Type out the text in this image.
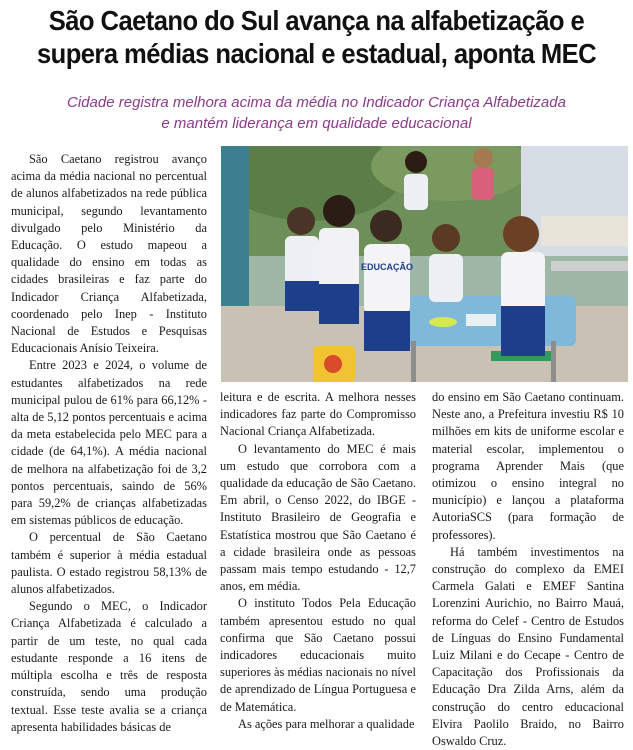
São Caetano do Sul avança na alfabetização e
supera médias nacional e estadual, aponta MEC
Cidade registra melhora acima da média no Indicador Criança Alfabetizada
e mantém liderança em qualidade educacional

São Caetano registrou avanço acima da média nacional no percentual de alunos alfabetizados na rede pública municipal, segundo levantamento divulgado pelo Ministério da Educação. O estudo mapeou a qualidade do ensino em todas as cidades brasileiras e faz parte do Indicador Criança Alfabetizada, coordenado pelo Inep - Instituto Nacional de Estudos e Pesquisas Educacionais Anísio Teixeira.

Entre 2023 e 2024, o volume de estudantes alfabetizados na rede municipal pulou de 61% para 66,12% - alta de 5,12 pontos percentuais e acima da meta estabelecida pelo MEC para a cidade (de 64,1%). A média nacional de melhora na alfabetização foi de 3,2 pontos percentuais, saindo de 56% para 59,2% de crianças alfabetizadas em sistemas públicos de educação.

O percentual de São Caetano também é superior à média estadual paulista. O estado registrou 58,13% de alunos alfabetizados.

Segundo o MEC, o Indicador Criança Alfabetizada é calculado a partir de um teste, no qual cada estudante responde a 16 itens de múltipla escolha e três de resposta construída, sendo uma produção textual. Esse teste avalia se a criança apresenta habilidades básicas de

EDUCAÇÃO

leitura e de escrita. A melhora nesses indicadores faz parte do Compromisso Nacional Criança Alfabetizada.

O levantamento do MEC é mais um estudo que corrobora com a qualidade da educação de São Caetano. Em abril, o Censo 2022, do IBGE - Instituto Brasileiro de Geografia e Estatística mostrou que São Caetano é a cidade brasileira onde as pessoas passam mais tempo estudando - 12,7 anos, em média.

O instituto Todos Pela Educação também apresentou estudo no qual confirma que São Caetano possui indicadores educacionais muito superiores às médias nacionais no nível de aprendizado de Língua Portuguesa e de Matemática.

As ações para melhorar a qualidade

do ensino em São Caetano continuam. Neste ano, a Prefeitura investiu R$ 10 milhões em kits de uniforme escolar e material escolar, implementou o programa Aprender Mais (que otimizou o ensino integral no município) e lançou a plataforma AutoriaSCS (para formação de professores).

Há também investimentos na construção do complexo da EMEI Carmela Galati e EMEF Santina Lorenzini Aurichio, no Bairro Mauá, reforma do Celef - Centro de Estudos de Línguas do Ensino Fundamental Luiz Milani e do Cecape - Centro de Capacitação dos Profissionais da Educação Dra Zilda Arns, além da construção do centro educacional Elvira Paolilo Braido, no Bairro Oswaldo Cruz.
